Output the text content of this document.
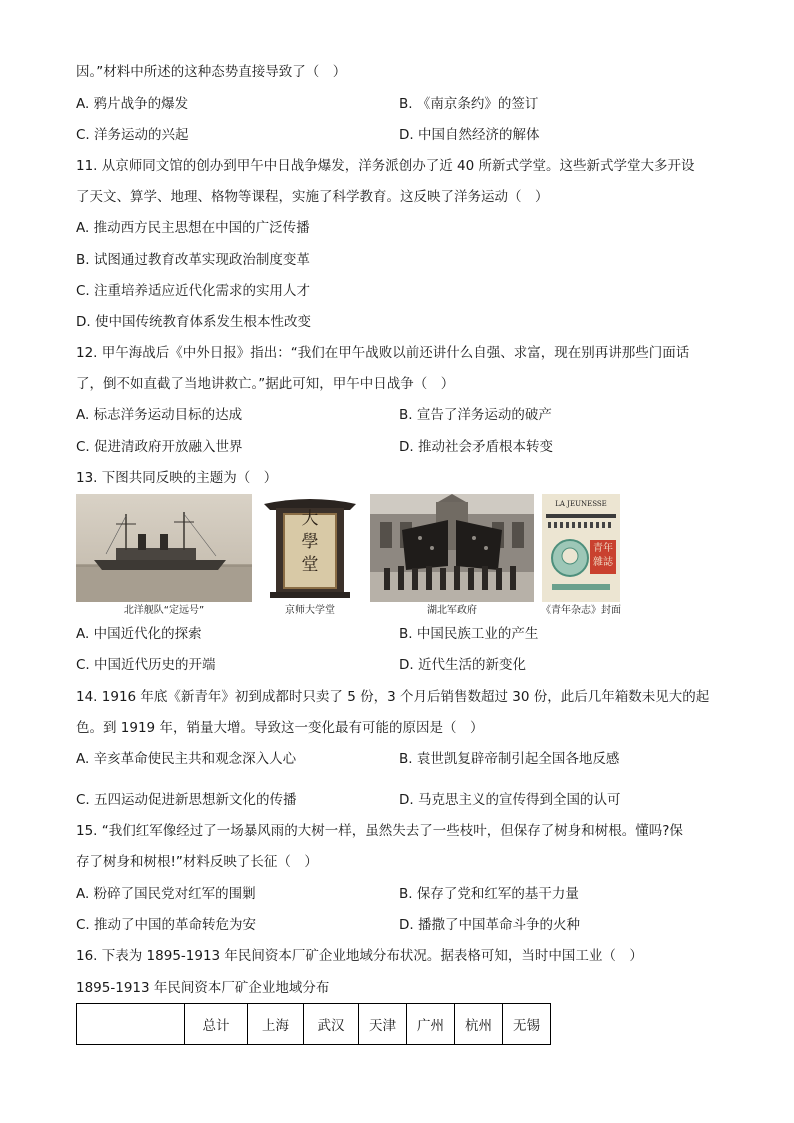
因。”材料中所述的这种态势直接导致了（　）
A. 鸦片战争的爆发	B. 《南京条约》的签订
C. 洋务运动的兴起	D. 中国自然经济的解体
11. 从京师同文馆的创办到甲午中日战争爆发，洋务派创办了近 40 所新式学堂。这些新式学堂大多开设
了天文、算学、地理、格物等课程，实施了科学教育。这反映了洋务运动（　）
A. 推动西方民主思想在中国的广泛传播
B. 试图通过教育改革实现政治制度变革
C. 注重培养适应近代化需求的实用人才
D. 使中国传统教育体系发生根本性改变
12. 甲午海战后《中外日报》指出：“我们在甲午战败以前还讲什么自强、求富，现在别再讲那些门面话
了，倒不如直截了当地讲救亡。”据此可知，甲午中日战争（　）
A. 标志洋务运动目标的达成	B. 宣告了洋务运动的破产
C. 促进清政府开放融入世界	D. 推动社会矛盾根本转变
13. 下图共同反映的主题为（　）
北洋舰队“定远号”
大
學
堂
京师大学堂	湖北军政府
LA JEUNESSE
青年雜誌
《青年杂志》封面
A. 中国近代化的探索	B. 中国民族工业的产生
C. 中国近代历史的开端	D. 近代生活的新变化
14. 1916 年底《新青年》初到成都时只卖了 5 份，3 个月后销售数超过 30 份，此后几年箱数未见大的起
色。到 1919 年，销量大增。导致这一变化最有可能的原因是（　）
A. 辛亥革命使民主共和观念深入人心	B. 袁世凯复辟帝制引起全国各地反感
C. 五四运动促进新思想新文化的传播	D. 马克思主义的宣传得到全国的认可
15. “我们红军像经过了一场暴风雨的大树一样，虽然失去了一些枝叶，但保存了树身和树根。懂吗?保
存了树身和树根!”材料反映了长征（　）
A. 粉碎了国民党对红军的围剿	B. 保存了党和红军的基干力量
C. 推动了中国的革命转危为安	D. 播撒了中国革命斗争的火种
16. 下表为 1895-1913 年民间资本厂矿企业地域分布状况。据表格可知，当时中国工业（　）
1895-1913 年民间资本厂矿企业地域分布
	总计	上海	武汉	天津	广州	杭州	无锡
